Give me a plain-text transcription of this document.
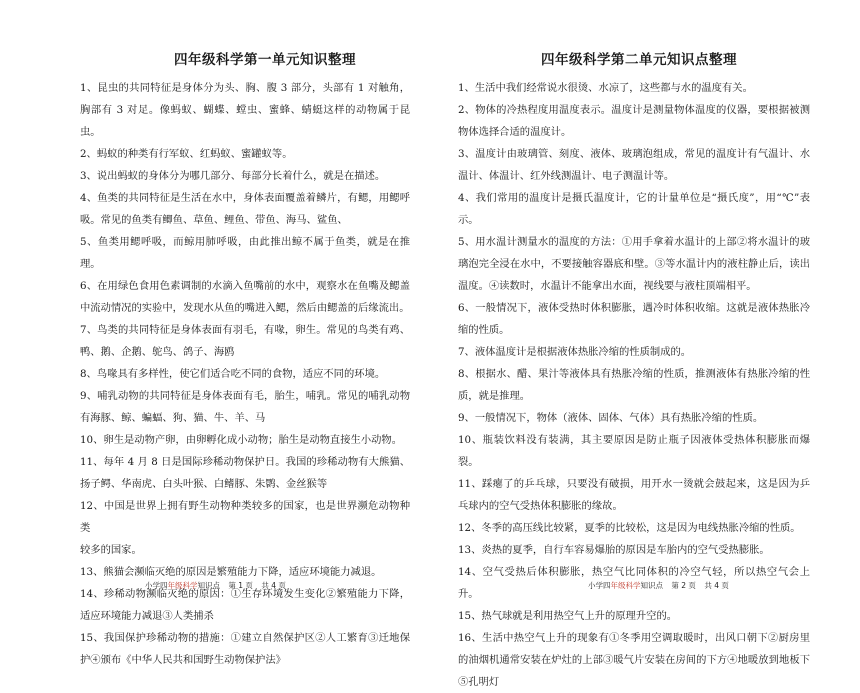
四年级科学第一单元知识整理

1、昆虫的共同特征是身体分为头、胸、腹 3 部分，头部有 1 对触角，胸部有 3 对足。像蚂蚁、蝴蝶、螳虫、蜜蜂、蜻蜓这样的动物属于昆虫。

2、蚂蚁的种类有行军蚁、红蚂蚁、蜜罐蚁等。

3、说出蚂蚁的身体分为哪几部分、每部分长着什么，就是在描述。

4、鱼类的共同特征是生活在水中，身体表面覆盖着鳞片，有鳃，用鳃呼吸。常见的鱼类有鲫鱼、草鱼、鲤鱼、带鱼、海马、鲨鱼、

5、鱼类用鳃呼吸，而鲸用肺呼吸，由此推出鲸不属于鱼类，就是在推理。

6、在用绿色食用色素调制的水滴入鱼嘴前的水中，观察水在鱼嘴及鳃盖中流动情况的实验中，发现水从鱼的嘴进入鳃，然后由鳃盖的后缘流出。

7、鸟类的共同特征是身体表面有羽毛，有喙，卵生。常见的鸟类有鸡、鸭、鹅、企鹅、鸵鸟、鸽子、海鸥

8、鸟喙具有多样性，使它们适合吃不同的食物，适应不同的环境。

9、哺乳动物的共同特征是身体表面有毛，胎生，哺乳。常见的哺乳动物有海豚、鲸、蝙蝠、狗、猫、牛、羊、马

10、卵生是动物产卵，由卵孵化成小动物；胎生是动物直接生小动物。

11、每年 4 月 8 日是国际珍稀动物保护日。我国的珍稀动物有大熊猫、扬子鳄、华南虎、白头叶猴、白鳍豚、朱鹮、金丝猴等

12、中国是世界上拥有野生动物种类较多的国家，也是世界濒危动物种类

较多的国家。

13、熊猫会濒临灭绝的原因是繁殖能力下降，适应环境能力减退。

14、珍稀动物濒临灭绝的原因：①生存环境发生变化②繁殖能力下降，适应环境能力减退③人类捕杀

15、我国保护珍稀动物的措施：①建立自然保护区②人工繁育③迁地保护④颁布《中华人民共和国野生动物保护法》

小学四年级科学知识点 第 1 页 共 4 页
四年级科学第二单元知识点整理

1、生活中我们经常说水很烫、水凉了，这些都与水的温度有关。

2、物体的冷热程度用温度表示。温度计是测量物体温度的仪器，要根据被测物体选择合适的温度计。

3、温度计由玻璃管、刻度、液体、玻璃泡组成，常见的温度计有气温计、水温计、体温计、红外线测温计、电子测温计等。

4、我们常用的温度计是摄氏温度计，它的计量单位是“摄氏度”，用“℃”表示。

5、用水温计测量水的温度的方法：①用手拿着水温计的上部②将水温计的玻璃泡完全浸在水中，不要接触容器底和壁。③等水温计内的液柱静止后，读出温度。④读数时，水温计不能拿出水面，视线要与液柱顶端相平。

6、一般情况下，液体受热时体积膨胀，遇冷时体积收缩。这就是液体热胀冷缩的性质。

7、液体温度计是根据液体热胀冷缩的性质制成的。

8、根据水、醋、果汁等液体具有热胀冷缩的性质，推测液体有热胀冷缩的性质，就是推理。

9、一般情况下，物体（液体、固体、气体）具有热胀冷缩的性质。

10、瓶装饮料没有装满，其主要原因是防止瓶子因液体受热体积膨胀而爆裂。

11、踩瘪了的乒乓球，只要没有破损，用开水一烫就会鼓起来，这是因为乒乓球内的空气受热体积膨胀的缘故。

12、冬季的高压线比较紧，夏季的比较松，这是因为电线热胀冷缩的性质。

13、炎热的夏季，自行车容易爆胎的原因是车胎内的空气受热膨胀。

14、空气受热后体积膨胀，热空气比同体积的冷空气轻，所以热空气会上升。

15、热气球就是利用热空气上升的原理升空的。

16、生活中热空气上升的现象有①冬季用空调取暖时，出风口朝下②厨房里的油烟机通常安装在炉灶的上部③暖气片安装在房间的下方④地暖放到地板下⑤孔明灯

小学四年级科学知识点 第 2 页 共 4 页
